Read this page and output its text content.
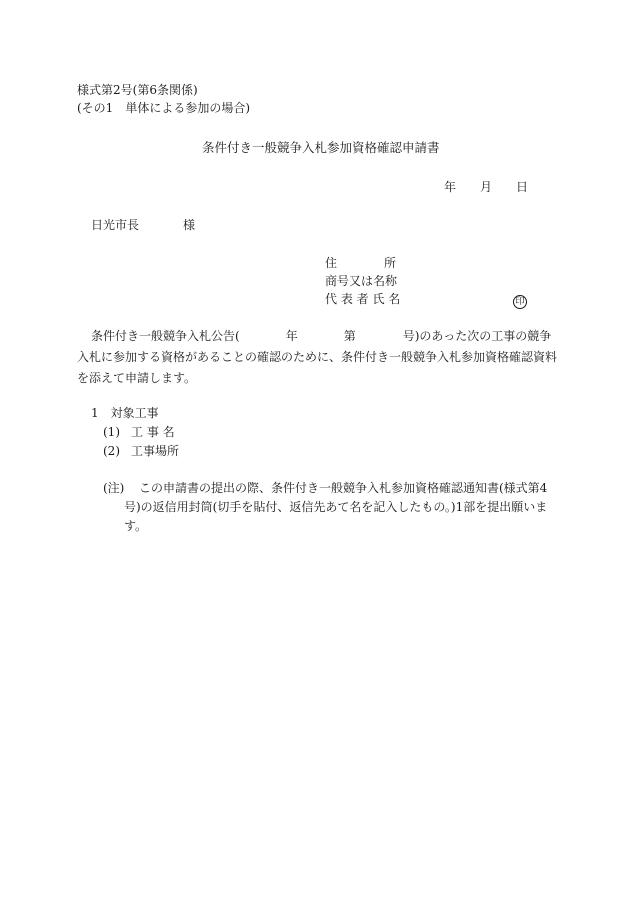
様式第2号(第6条関係)
(その1　単体による参加の場合)
条件付き一般競争入札参加資格確認申請書
年 月 日
日光市長	様
住	所
商号又は名称
代 表 者 氏 名	印
条件付き一般競争入札公告(	年	第	号)のあった次の工事の競争
入札に参加する資格があることの確認のために、条件付き一般競争入札参加資格確認資料
を添えて申請します。
1　対象工事
(1) 工 事 名
(2) 工事場所
(注) この申請書の提出の際、条件付き一般競争入札参加資格確認通知書(様式第4
号)の返信用封筒(切手を貼付、返信先あて名を記入したもの。)1部を提出願いま
す。
